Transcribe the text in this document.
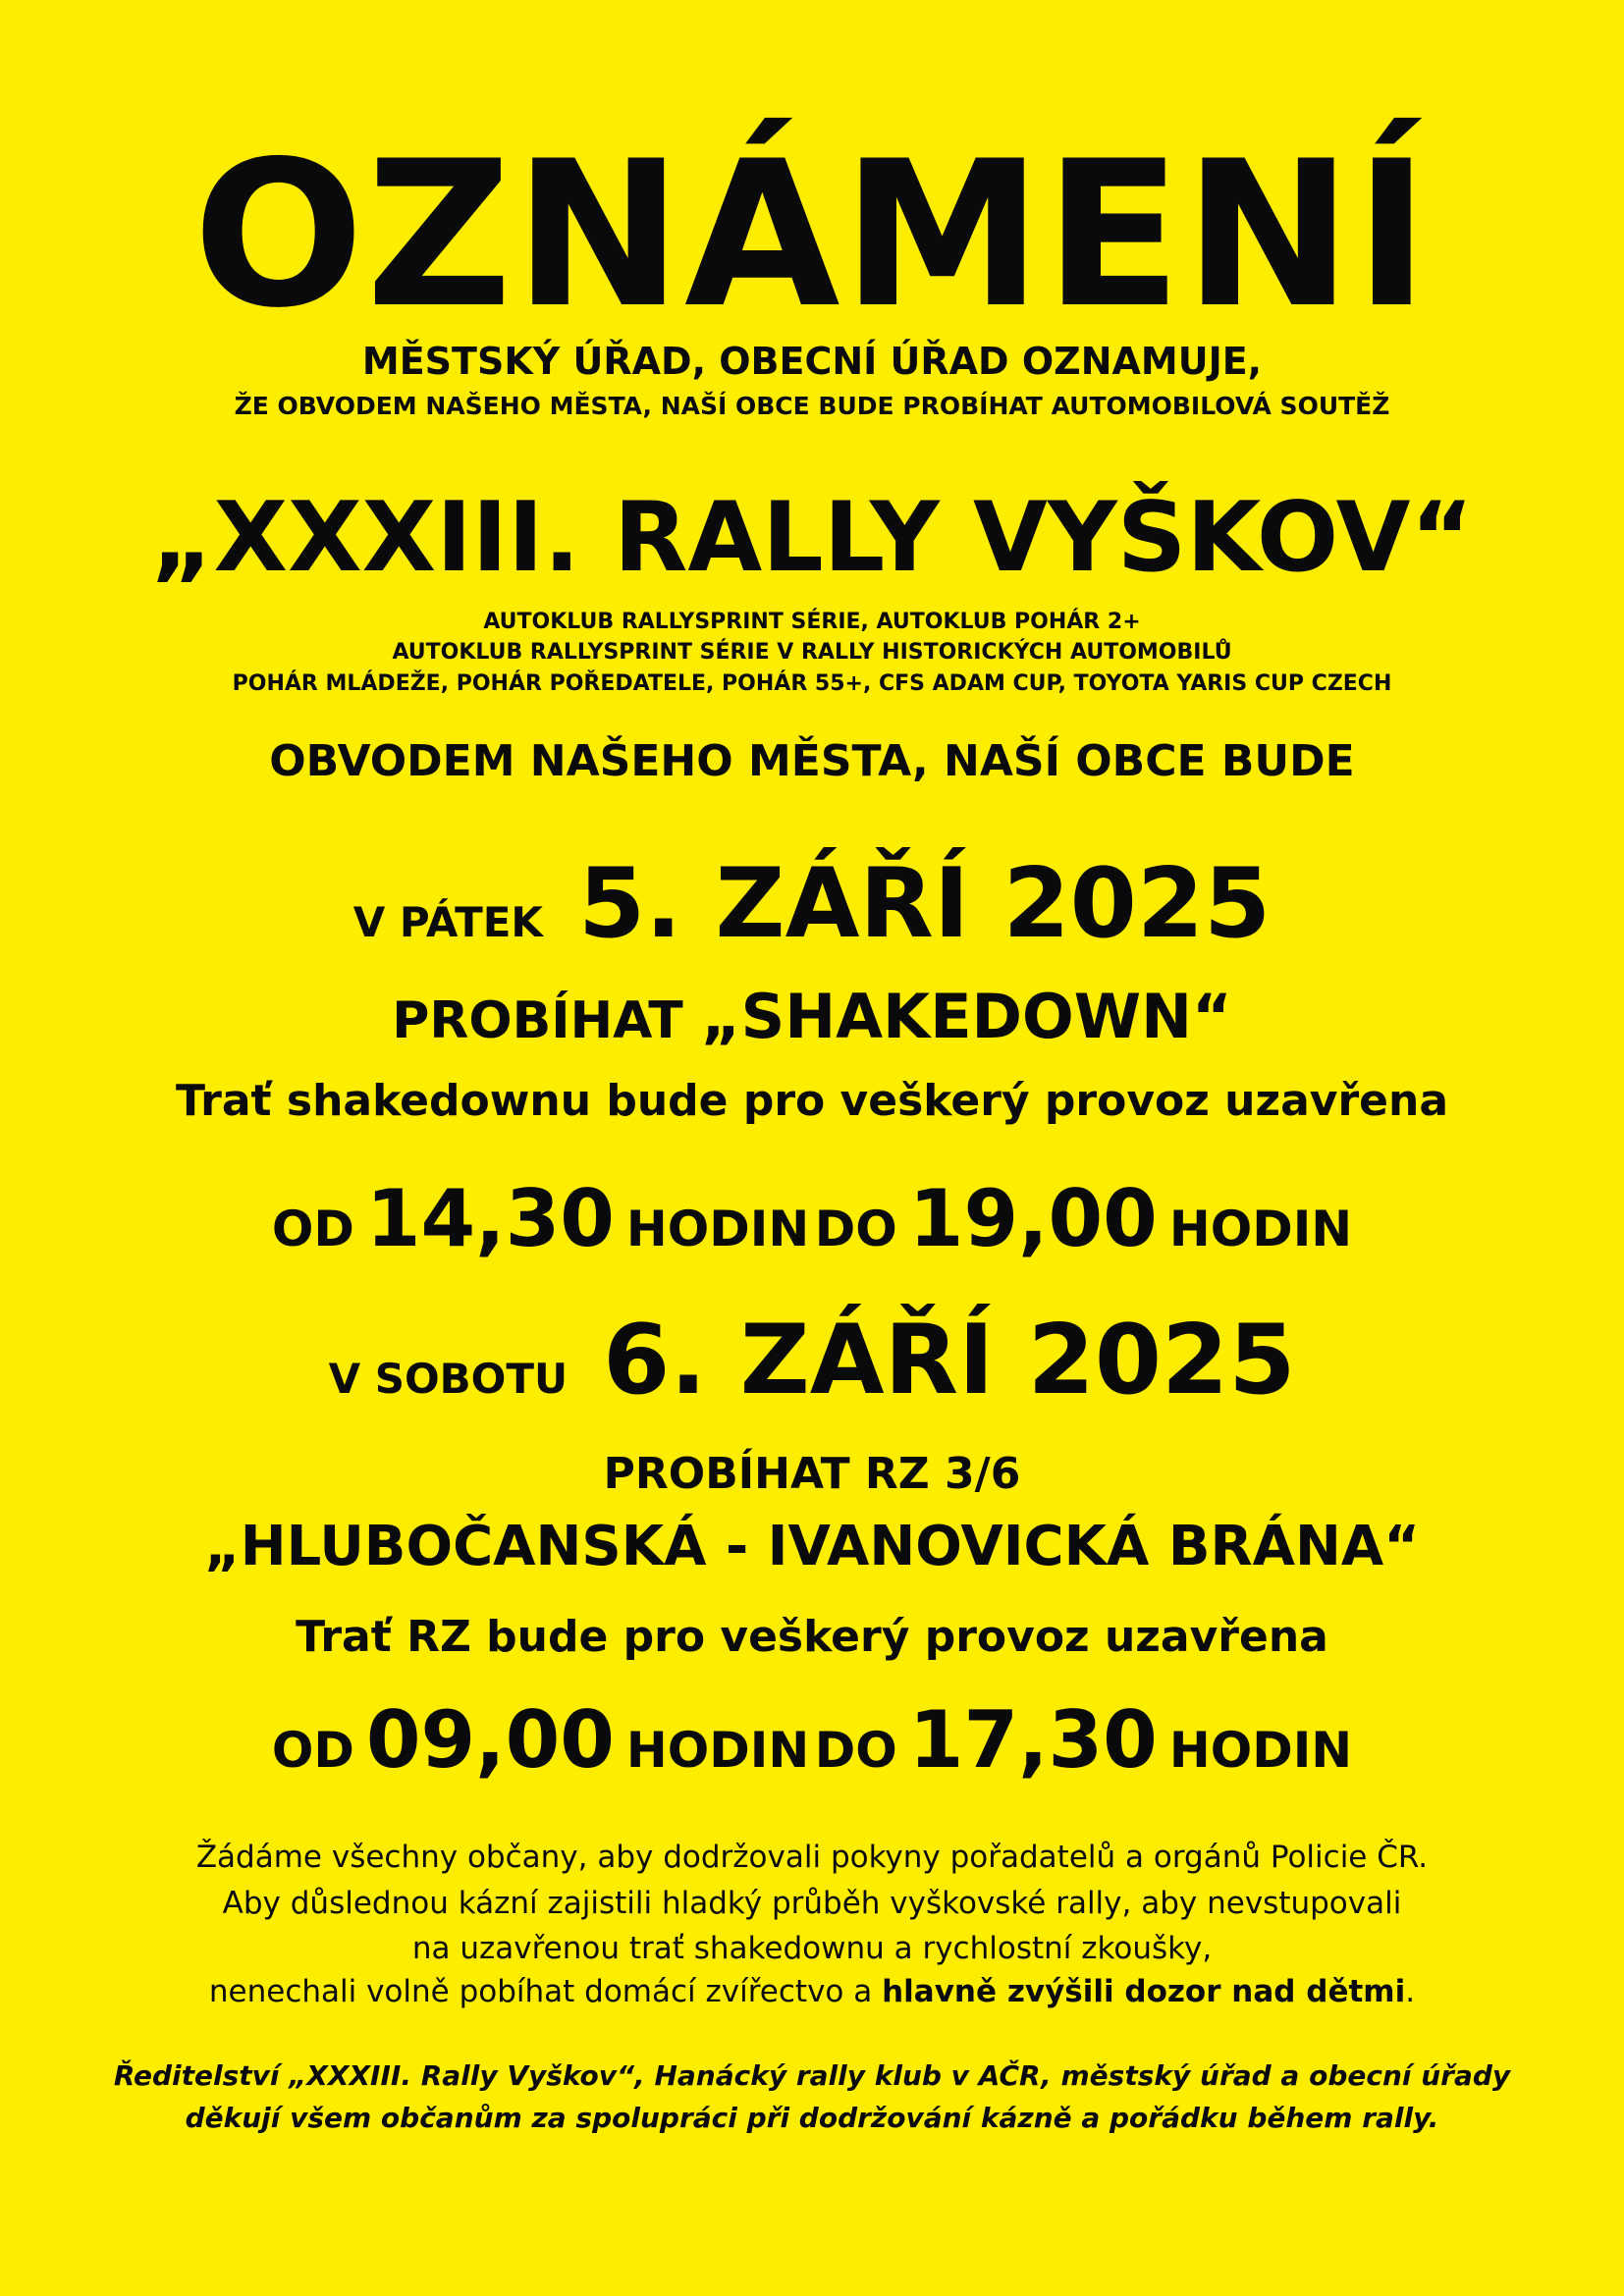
OZNÁMENÍ
MĚSTSKÝ ÚŘAD, OBECNÍ ÚŘAD OZNAMUJE,
ŽE OBVODEM NAŠEHO MĚSTA, NAŠÍ OBCE BUDE PROBÍHAT AUTOMOBILOVÁ SOUTĚŽ
„XXXIII. RALLY VYŠKOV“
AUTOKLUB RALLYSPRINT SÉRIE, AUTOKLUB POHÁR 2+
AUTOKLUB RALLYSPRINT SÉRIE V RALLY HISTORICKÝCH AUTOMOBILŮ
POHÁR MLÁDEŽE, POHÁR POŘEDATELE, POHÁR 55+, CFS ADAM CUP, TOYOTA YARIS CUP CZECH
OBVODEM NAŠEHO MĚSTA, NAŠÍ OBCE BUDE
V PÁTEK 5. ZÁŘÍ 2025
PROBÍHAT „SHAKEDOWN“
Trať shakedownu bude pro veškerý provoz uzavřena
OD 14,30 HODIN DO 19,00 HODIN
V SOBOTU 6. ZÁŘÍ 2025
PROBÍHAT RZ 3/6
„HLUBOČANSKÁ - IVANOVICKÁ BRÁNA“
Trať RZ bude pro veškerý provoz uzavřena
OD 09,00 HODIN DO 17,30 HODIN
Žádáme všechny občany, aby dodržovali pokyny pořadatelů a orgánů Policie ČR.
Aby důslednou kázní zajistili hladký průběh vyškovské rally, aby nevstupovali
na uzavřenou trať shakedownu a rychlostní zkoušky,
nenechali volně pobíhat domácí zvířectvo a hlavně zvýšili dozor nad dětmi.
Ředitelství „XXXIII. Rally Vyškov“, Hanácký rally klub v AČR, městský úřad a obecní úřady
děkují všem občanům za spolupráci při dodržování kázně a pořádku během rally.
